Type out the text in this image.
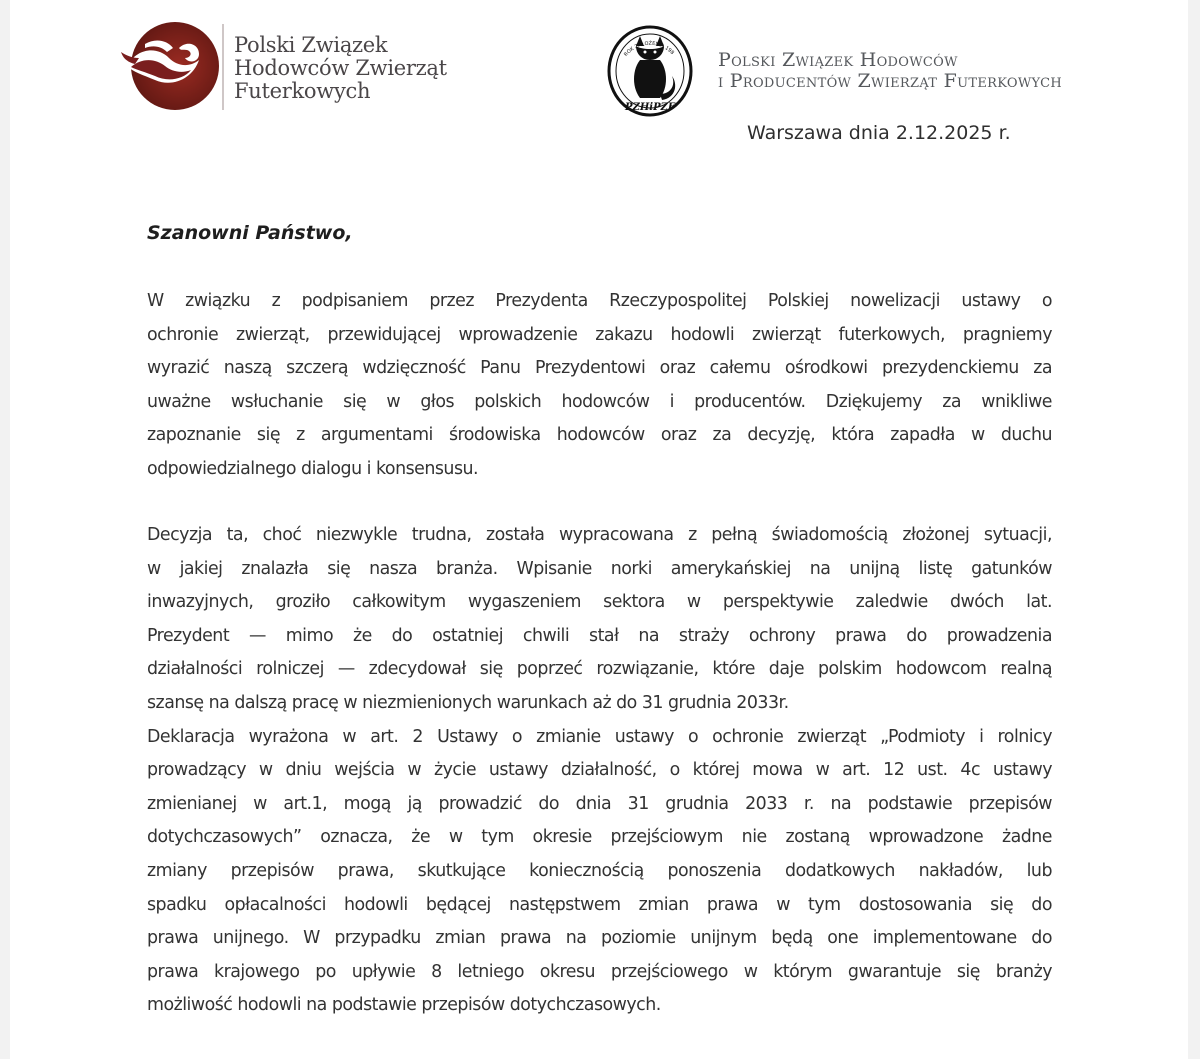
Polski Związek
Hodowców Zwierząt
Futerkowych
ROK ZAŁOŻENIA 198
PZHiPZF
Polski Związek Hodowców
i Producentów Zwierząt Futerkowych
Warszawa dnia 2.12.2025 r.
Szanowni Państwo,
W związku z podpisaniem przez Prezydenta Rzeczypospolitej Polskiej nowelizacji ustawy o
ochronie zwierząt, przewidującej wprowadzenie zakazu hodowli zwierząt futerkowych, pragniemy
wyrazić naszą szczerą wdzięczność Panu Prezydentowi oraz całemu ośrodkowi prezydenckiemu za
uważne wsłuchanie się w głos polskich hodowców i producentów. Dziękujemy za wnikliwe
zapoznanie się z argumentami środowiska hodowców oraz za decyzję, która zapadła w duchu
odpowiedzialnego dialogu i konsensusu.
Decyzja ta, choć niezwykle trudna, została wypracowana z pełną świadomością złożonej sytuacji,
w jakiej znalazła się nasza branża. Wpisanie norki amerykańskiej na unijną listę gatunków
inwazyjnych, groziło całkowitym wygaszeniem sektora w perspektywie zaledwie dwóch lat.
Prezydent — mimo że do ostatniej chwili stał na straży ochrony prawa do prowadzenia
działalności rolniczej — zdecydował się poprzeć rozwiązanie, które daje polskim hodowcom realną
szansę na dalszą pracę w niezmienionych warunkach aż do 31 grudnia 2033r.
Deklaracja wyrażona w art. 2 Ustawy o zmianie ustawy o ochronie zwierząt „Podmioty i rolnicy
prowadzący w dniu wejścia w życie ustawy działalność, o której mowa w art. 12 ust. 4c ustawy
zmienianej w art.1, mogą ją prowadzić do dnia 31 grudnia 2033 r. na podstawie przepisów
dotychczasowych” oznacza, że w tym okresie przejściowym nie zostaną wprowadzone żadne
zmiany przepisów prawa, skutkujące koniecznością ponoszenia dodatkowych nakładów, lub
spadku opłacalności hodowli będącej następstwem zmian prawa w tym dostosowania się do
prawa unijnego. W przypadku zmian prawa na poziomie unijnym będą one implementowane do
prawa krajowego po upływie 8 letniego okresu przejściowego w którym gwarantuje się branży
możliwość hodowli na podstawie przepisów dotychczasowych.
